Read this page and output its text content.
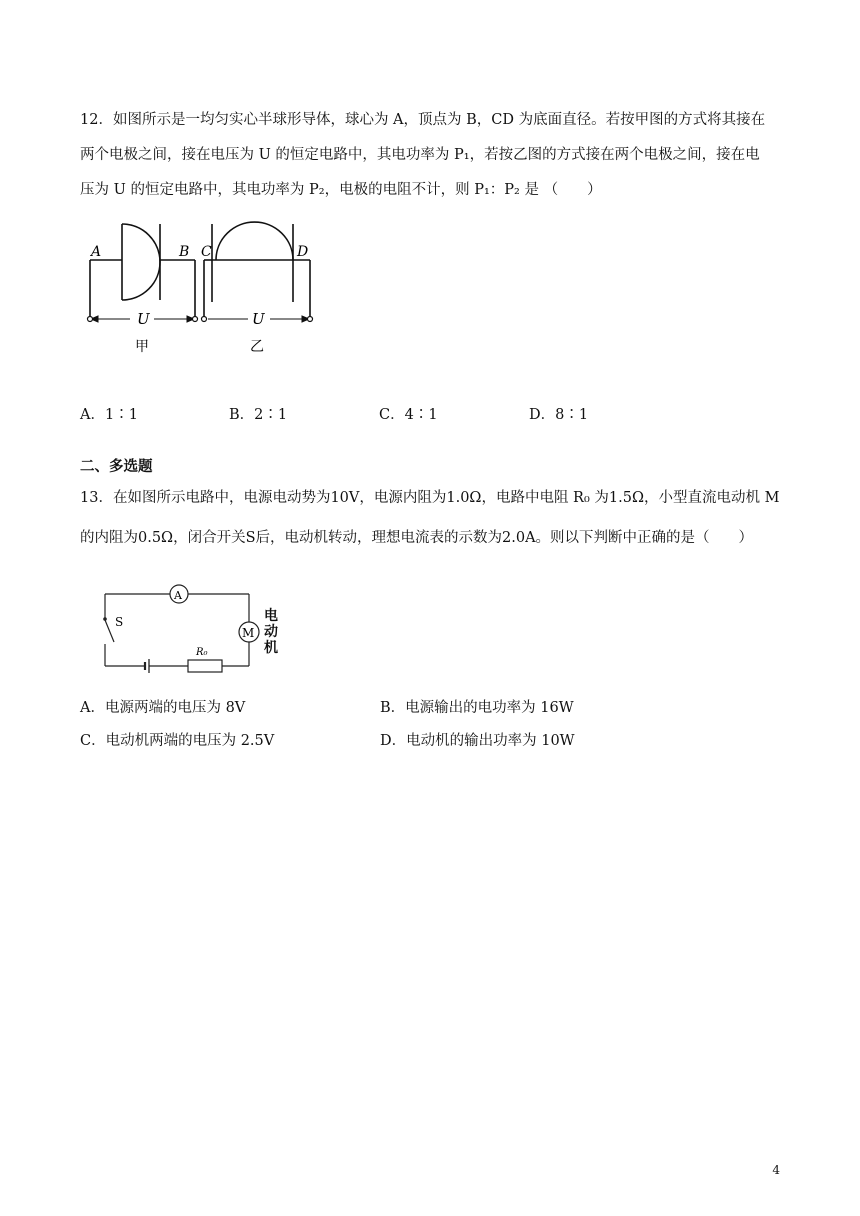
12．如图所示是一均匀实心半球形导体，球心为 A，顶点为 B，CD 为底面直径。若按甲图的方式将其接在
两个电极之间，接在电压为 U 的恒定电路中，其电功率为 P₁，若按乙图的方式接在两个电极之间，接在电
压为 U 的恒定电路中，其电功率为 P₂，电极的电阻不计，则 P₁：P₂ 是 （　　）
A	B C	D
U	U
甲	乙
A．1∶1	B．2∶1	C．4∶1	D．8∶1
二、多选题
13．在如图所示电路中，电源电动势为10V，电源内阻为1.0Ω，电路中电阻 R₀ 为1.5Ω，小型直流电动机 M
的内阻为0.5Ω，闭合开关S后，电动机转动，理想电流表的示数为2.0A。则以下判断中正确的是（　　）
A
M
S
R₀
电动机
A．电源两端的电压为 8V	B．电源输出的电功率为 16W
C．电动机两端的电压为 2.5V	D．电动机的输出功率为 10W
4
